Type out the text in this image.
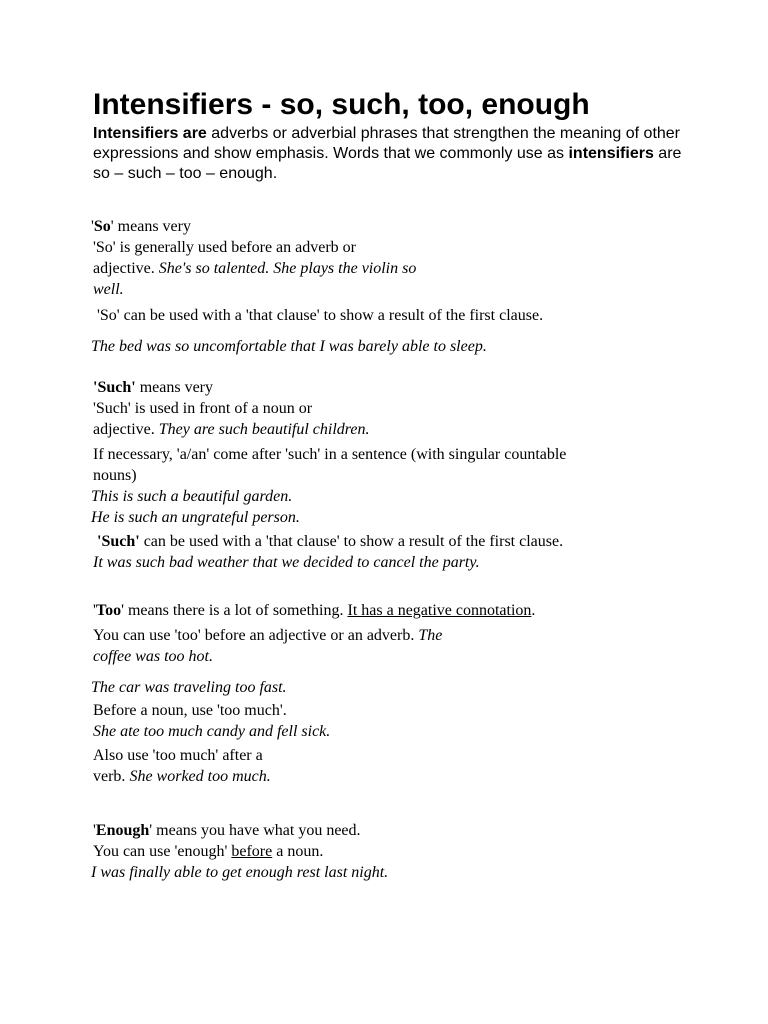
Intensifiers - so, such, too, enough

Intensifiers are adverbs or adverbial phrases that strengthen the meaning of other expressions and show emphasis. Words that we commonly use as intensifiers are so – such – too – enough.

'So' means very
'So' is generally used before an adverb or
adjective. She's so talented. She plays the violin so
well.
'So' can be used with a 'that clause' to show a result of the first clause.
The bed was so uncomfortable that I was barely able to sleep.
'Such' means very
'Such' is used in front of a noun or
adjective. They are such beautiful children.
If necessary, 'a/an' come after 'such' in a sentence (with singular countable
nouns)
This is such a beautiful garden.
He is such an ungrateful person.
'Such' can be used with a 'that clause' to show a result of the first clause.
It was such bad weather that we decided to cancel the party.
'Too' means there is a lot of something. It has a negative connotation.
You can use 'too' before an adjective or an adverb. The
coffee was too hot.
The car was traveling too fast.
Before a noun, use 'too much'.
She ate too much candy and fell sick.
Also use 'too much' after a
verb. She worked too much.
'Enough' means you have what you need.
You can use 'enough' before a noun.
I was finally able to get enough rest last night.
